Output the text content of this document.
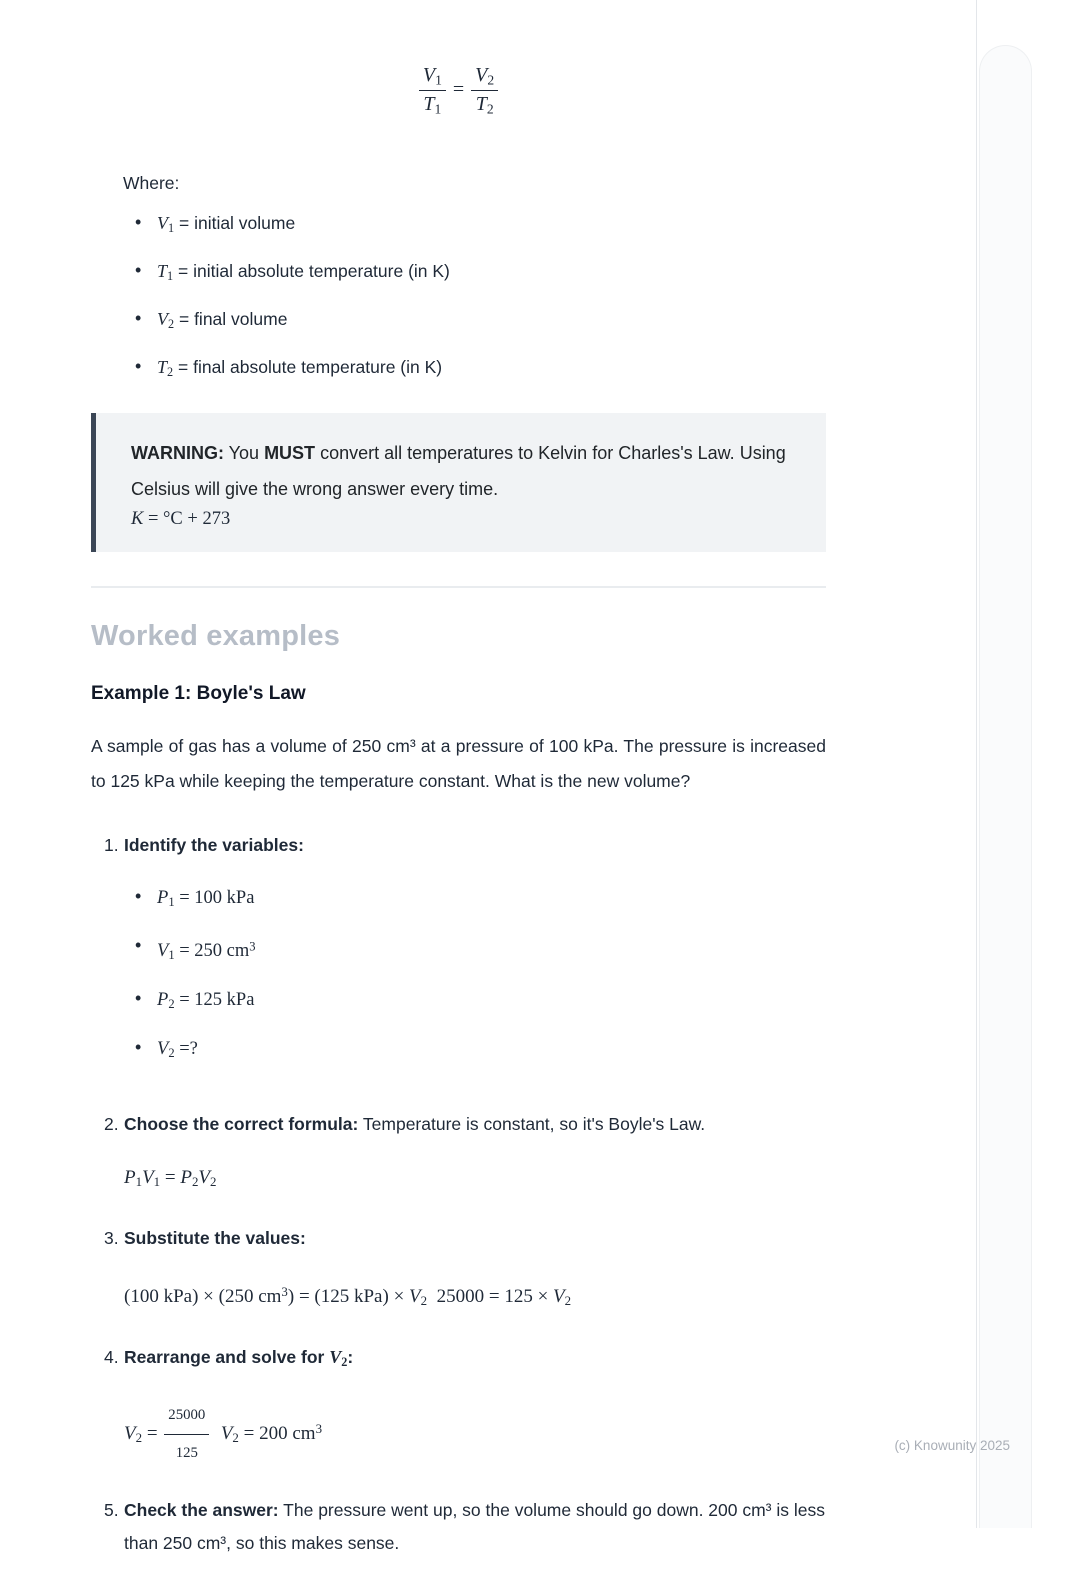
$\frac{V1}{T1} = \frac{V2}{T2}$
Where:
• V1 = initial volume
• T1 = initial absolute temperature (in K)
• V2 = final volume
• T2 = final absolute temperature (in K)

WARNING: You MUST convert all temperatures to Kelvin for Charles's Law. Using Celsius will give the wrong answer every time.

K = °C + 273
Worked examples
Example 1: Boyle's Law

A sample of gas has a volume of 250 cm³ at a pressure of 100 kPa. The pressure is increased to 125 kPa while keeping the temperature constant. What is the new volume?

1. Identify the variables:
• P1 = 100 kPa
• V1 = 250 $cm^3$
• P2 = 125 kPa
• V2 =?
2. Choose the correct formula: Temperature is constant, so it's Boyle's Law.
P1V1 = P2V2
3. Substitute the values:
(100 kPa) × (250 $cm^3) = (125$ kPa) × V2  25000 = 125 × V2
4. Rearrange and solve for V2:
$V2 = \frac{25000}{125} V2 = 200$ $cm^3$
5. Check the answer: The pressure went up, so the volume should go down. 200 cm³ is less than 250 cm³, so this makes sense.
(c) Knowunity 2025
